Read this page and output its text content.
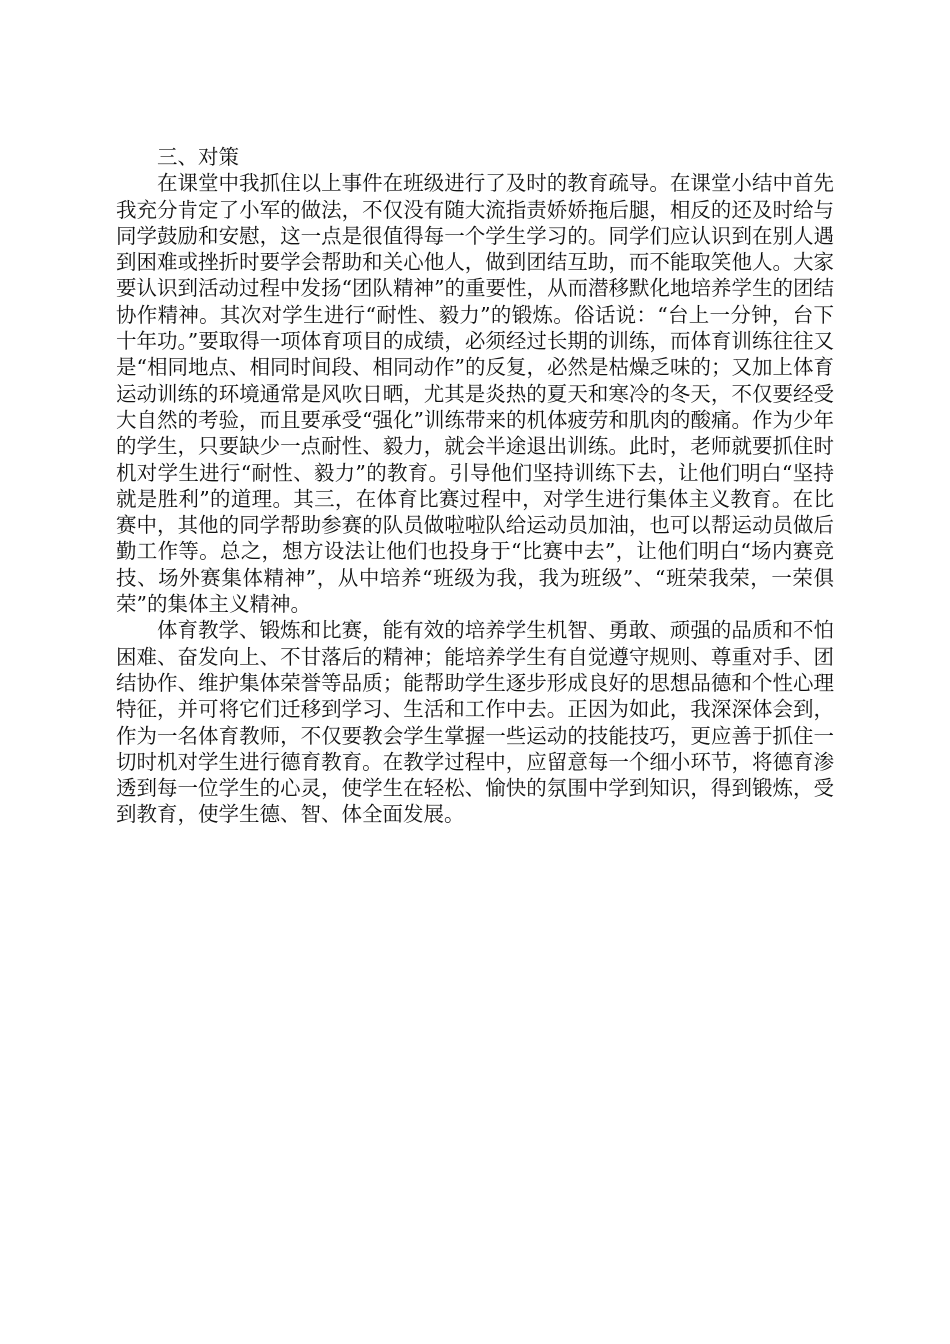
三、对策

在课堂中我抓住以上事件在班级进行了及时的教育疏导。在课堂小结中首先我充分肯定了小军的做法，不仅没有随大流指责娇娇拖后腿，相反的还及时给与同学鼓励和安慰，这一点是很值得每一个学生学习的。同学们应认识到在别人遇到困难或挫折时要学会帮助和关心他人，做到团结互助，而不能取笑他人。大家要认识到活动过程中发扬“团队精神”的重要性，从而潜移默化地培养学生的团结协作精神。其次对学生进行“耐性、毅力”的锻炼。俗话说：“台上一分钟，台下十年功。”要取得一项体育项目的成绩，必须经过长期的训练，而体育训练往往又是“相同地点、相同时间段、相同动作”的反复，必然是枯燥乏味的；又加上体育运动训练的环境通常是风吹日晒，尤其是炎热的夏天和寒冷的冬天，不仅要经受大自然的考验，而且要承受“强化”训练带来的机体疲劳和肌肉的酸痛。作为少年的学生，只要缺少一点耐性、毅力，就会半途退出训练。此时，老师就要抓住时机对学生进行“耐性、毅力”的教育。引导他们坚持训练下去，让他们明白“坚持就是胜利”的道理。其三，在体育比赛过程中，对学生进行集体主义教育。在比赛中，其他的同学帮助参赛的队员做啦啦队给运动员加油，也可以帮运动员做后勤工作等。总之，想方设法让他们也投身于“比赛中去”，让他们明白“场内赛竞技、场外赛集体精神”，从中培养“班级为我，我为班级”、“班荣我荣，一荣俱荣”的集体主义精神。

体育教学、锻炼和比赛，能有效的培养学生机智、勇敢、顽强的品质和不怕困难、奋发向上、不甘落后的精神；能培养学生有自觉遵守规则、尊重对手、团结协作、维护集体荣誉等品质；能帮助学生逐步形成良好的思想品德和个性心理特征，并可将它们迁移到学习、生活和工作中去。正因为如此，我深深体会到，作为一名体育教师，不仅要教会学生掌握一些运动的技能技巧，更应善于抓住一切时机对学生进行德育教育。在教学过程中，应留意每一个细小环节，将德育渗透到每一位学生的心灵，使学生在轻松、愉快的氛围中学到知识，得到锻炼，受到教育，使学生德、智、体全面发展。
